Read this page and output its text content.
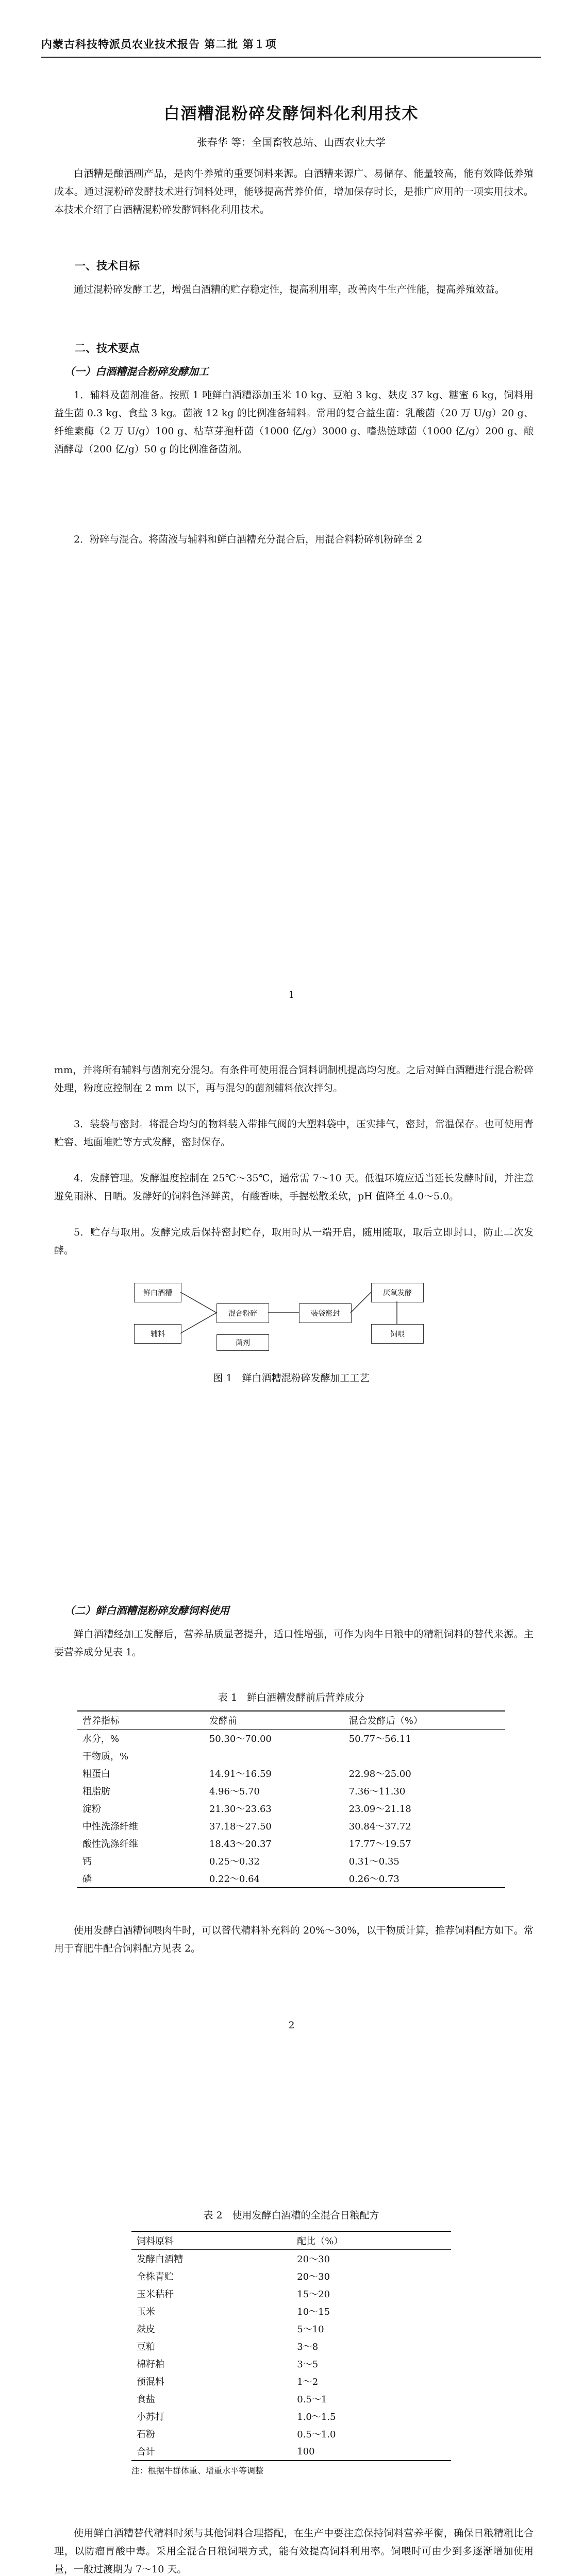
内蒙古科技特派员农业技术报告 第二批 第１项
白酒糟混粉碎发酵饲料化利用技术
张春华 等：全国畜牧总站、山西农业大学
白酒糟是酿酒副产品，是肉牛养殖的重要饲料来源。白酒糟来源广、易储存、能量较高，能有效降低养殖成本。通过混粉碎发酵技术进行饲料处理，能够提高营养价值，增加保存时长，是推广应用的一项实用技术。本技术介绍了白酒糟混粉碎发酵饲料化利用技术。
一、技术目标
通过混粉碎发酵工艺，增强白酒糟的贮存稳定性，提高利用率，改善肉牛生产性能，提高养殖效益。
二、技术要点
（一）白酒糟混合粉碎发酵加工
1．辅料及菌剂准备。按照 1 吨鲜白酒糟添加玉米 10 kg、豆粕 3 kg、麸皮 37 kg、糖蜜 6 kg，饲料用益生菌 0.3 kg、食盐 3 kg。菌液 12 kg 的比例准备辅料。常用的复合益生菌：乳酸菌（20 万 U/g）20 g、纤维素酶（2 万 U/g）100 g、枯草芽孢杆菌（1000 亿/g）3000 g、嗜热链球菌（1000 亿/g）200 g、酿酒酵母（200 亿/g）50 g 的比例准备菌剂。
2．粉碎与混合。将菌液与辅料和鲜白酒糟充分混合后，用混合料粉碎机粉碎至 2
1
mm，并将所有辅料与菌剂充分混匀。有条件可使用混合饲料调制机提高均匀度。之后对鲜白酒糟进行混合粉碎处理，粉度应控制在 2 mm 以下，再与混匀的菌剂辅料依次拌匀。
3．装袋与密封。将混合均匀的物料装入带排气阀的大塑料袋中，压实排气，密封，常温保存。也可使用青贮窖、地面堆贮等方式发酵，密封保存。
4．发酵管理。发酵温度控制在 25℃～35℃，通常需 7～10 天。低温环境应适当延长发酵时间，并注意避免雨淋、日晒。发酵好的饲料色泽鲜黄，有酸香味，手握松散柔软，pH 值降至 4.0～5.0。
5．贮存与取用。发酵完成后保持密封贮存，取用时从一端开启，随用随取，取后立即封口，防止二次发酵。
鲜白酒糟
辅料
混合粉碎
菌剂
装袋密封
厌氧发酵
饲喂
图 1　鲜白酒糟混粉碎发酵加工工艺
（二）鲜白酒糟混粉碎发酵饲料使用
鲜白酒糟经加工发酵后，营养品质显著提升，适口性增强，可作为肉牛日粮中的精粗饲料的替代来源。主要营养成分见表 1。
表 1　鲜白酒糟发酵前后营养成分
营养指标	发酵前	混合发酵后（%）
水分，%	50.30～70.00	50.77～56.11
干物质，%		
粗蛋白	14.91～16.59	22.98～25.00
粗脂肪	4.96～5.70	7.36～11.30
淀粉	21.30～23.63	23.09～21.18
中性洗涤纤维	37.18～27.50	30.84～37.72
酸性洗涤纤维	18.43～20.37	17.77～19.57
钙	0.25～0.32	0.31～0.35
磷	0.22～0.64	0.26～0.73
使用发酵白酒糟饲喂肉牛时，可以替代精料补充料的 20%～30%，以干物质计算，推荐饲料配方如下。常用于育肥牛配合饲料配方见表 2。
2
表 2　使用发酵白酒糟的全混合日粮配方
饲料原料	配比（%）
发酵白酒糟	20～30
全株青贮	20～30
玉米秸秆	15～20
玉米	10～15
麸皮	5～10
豆粕	3～8
棉籽粕	3～5
预混料	1～2
食盐	0.5～1
小苏打	1.0～1.5
石粉	0.5～1.0
合计	100
注：根据牛群体重、增重水平等调整
使用鲜白酒糟替代精料时须与其他饲料合理搭配，在生产中要注意保持饲料营养平衡，确保日粮精粗比合理，以防瘤胃酸中毒。采用全混合日粮饲喂方式，能有效提高饲料利用率。饲喂时可由少到多逐渐增加使用量，一般过渡期为 7～10 天。
